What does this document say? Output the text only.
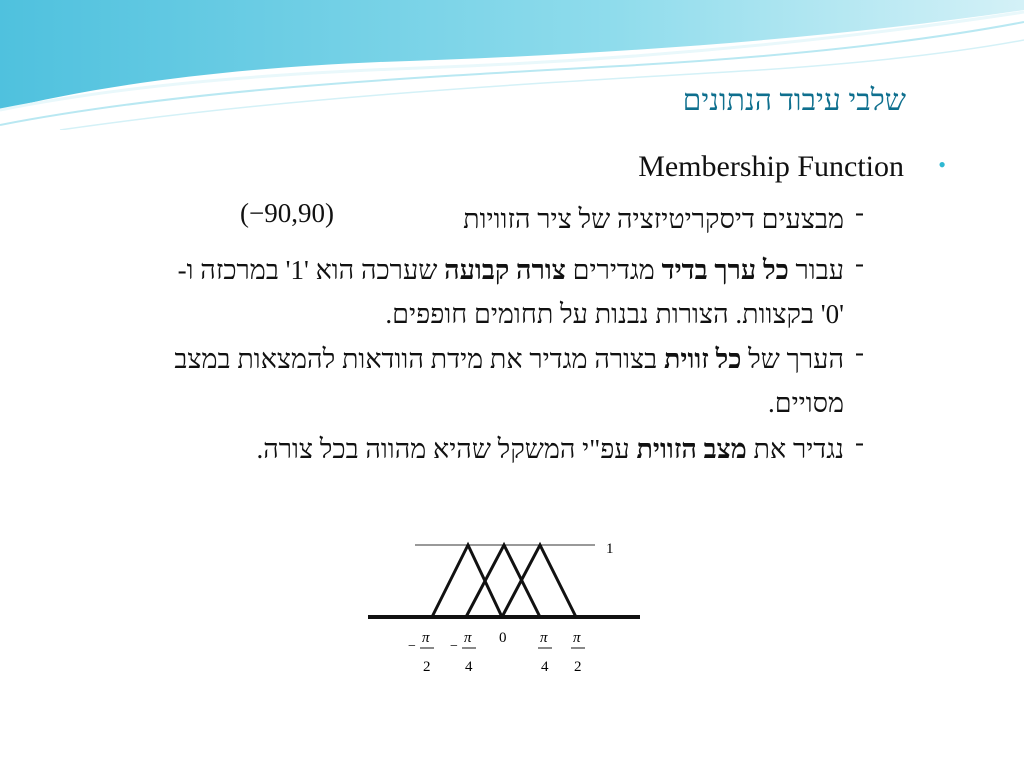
שלבי עיבוד הנתונים
•
Membership Function
-
מבצעים דיסקריטיזציה של ציר הזוויות
(−90,90)
-
עבור כל ערך בדיד מגדירים צורה קבועה שערכה הוא '1' במרכזה ו-'0' בקצוות. הצורות נבנות על תחומים חופפים.
-
הערך של כל זווית בצורה מגדיר את מידת הוודאות להמצאות במצב מסויים.
-
נגדיר את מצב הזווית עפ"י המשקל שהיא מהווה בכל צורה.
1
−
π
2
−
π
4
0 π
4
π
2
